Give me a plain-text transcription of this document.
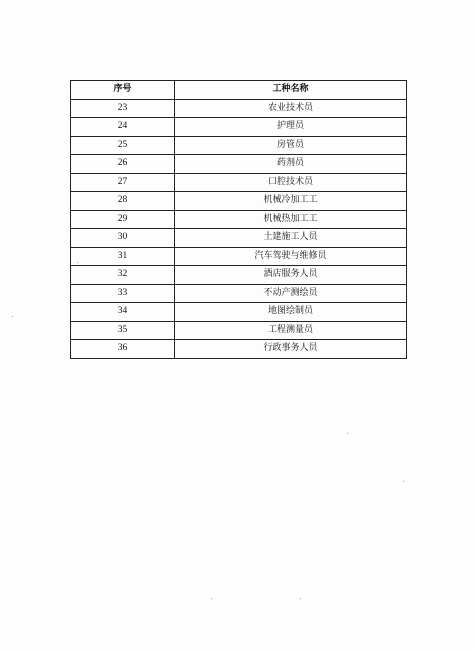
序号	工种名称
23	农业技术员
24	护理员
25	房管员
26	药剂员
27	口腔技术员
28	机械冷加工工
29	机械热加工工
30	土建施工人员
31	汽车驾驶与维修员
32	酒店服务人员
33	不动产测绘员
34	地图绘制员
35	工程测量员
36	行政事务人员
